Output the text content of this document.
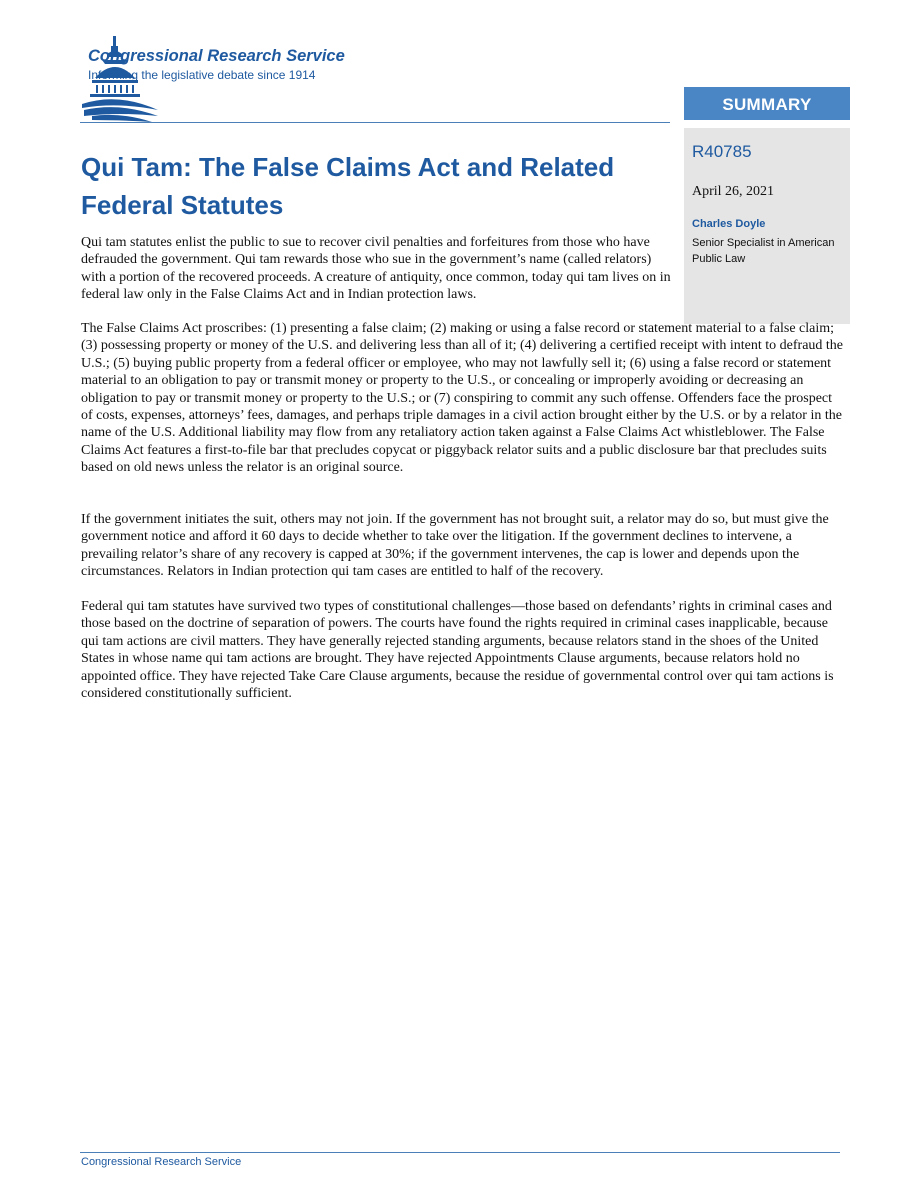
Congressional Research Service
Informing the legislative debate since 1914
SUMMARY
R40785
April 26, 2021
Charles Doyle
Senior Specialist in American Public Law
Qui Tam: The False Claims Act and Related Federal Statutes

Qui tam statutes enlist the public to sue to recover civil penalties and forfeitures from those who have defrauded the government. Qui tam rewards those who sue in the government’s name (called relators) with a portion of the recovered proceeds. A creature of antiquity, once common, today qui tam lives on in federal law only in the False Claims Act and in Indian protection laws.

The False Claims Act proscribes: (1) presenting a false claim; (2) making or using a false record or statement material to a false claim; (3) possessing property or money of the U.S. and delivering less than all of it; (4) delivering a certified receipt with intent to defraud the U.S.; (5) buying public property from a federal officer or employee, who may not lawfully sell it; (6) using a false record or statement material to an obligation to pay or transmit money or property to the U.S., or concealing or improperly avoiding or decreasing an obligation to pay or transmit money or property to the U.S.; or (7) conspiring to commit any such offense. Offenders face the prospect of costs, expenses, attorneys’ fees, damages, and perhaps triple damages in a civil action brought either by the U.S. or by a relator in the name of the U.S. Additional liability may flow from any retaliatory action taken against a False Claims Act whistleblower. The False Claims Act features a first-to-file bar that precludes copycat or piggyback relator suits and a public disclosure bar that precludes suits based on old news unless the relator is an original source.

If the government initiates the suit, others may not join. If the government has not brought suit, a relator may do so, but must give the government notice and afford it 60 days to decide whether to take over the litigation. If the government declines to intervene, a prevailing relator’s share of any recovery is capped at 30%; if the government intervenes, the cap is lower and depends upon the circumstances. Relators in Indian protection qui tam cases are entitled to half of the recovery.

Federal qui tam statutes have survived two types of constitutional challenges—those based on defendants’ rights in criminal cases and those based on the doctrine of separation of powers. The courts have found the rights required in criminal cases inapplicable, because qui tam actions are civil matters. They have generally rejected standing arguments, because relators stand in the shoes of the United States in whose name qui tam actions are brought. They have rejected Appointments Clause arguments, because relators hold no appointed office. They have rejected Take Care Clause arguments, because the residue of governmental control over qui tam actions is considered constitutionally sufficient.

Congressional Research Service
